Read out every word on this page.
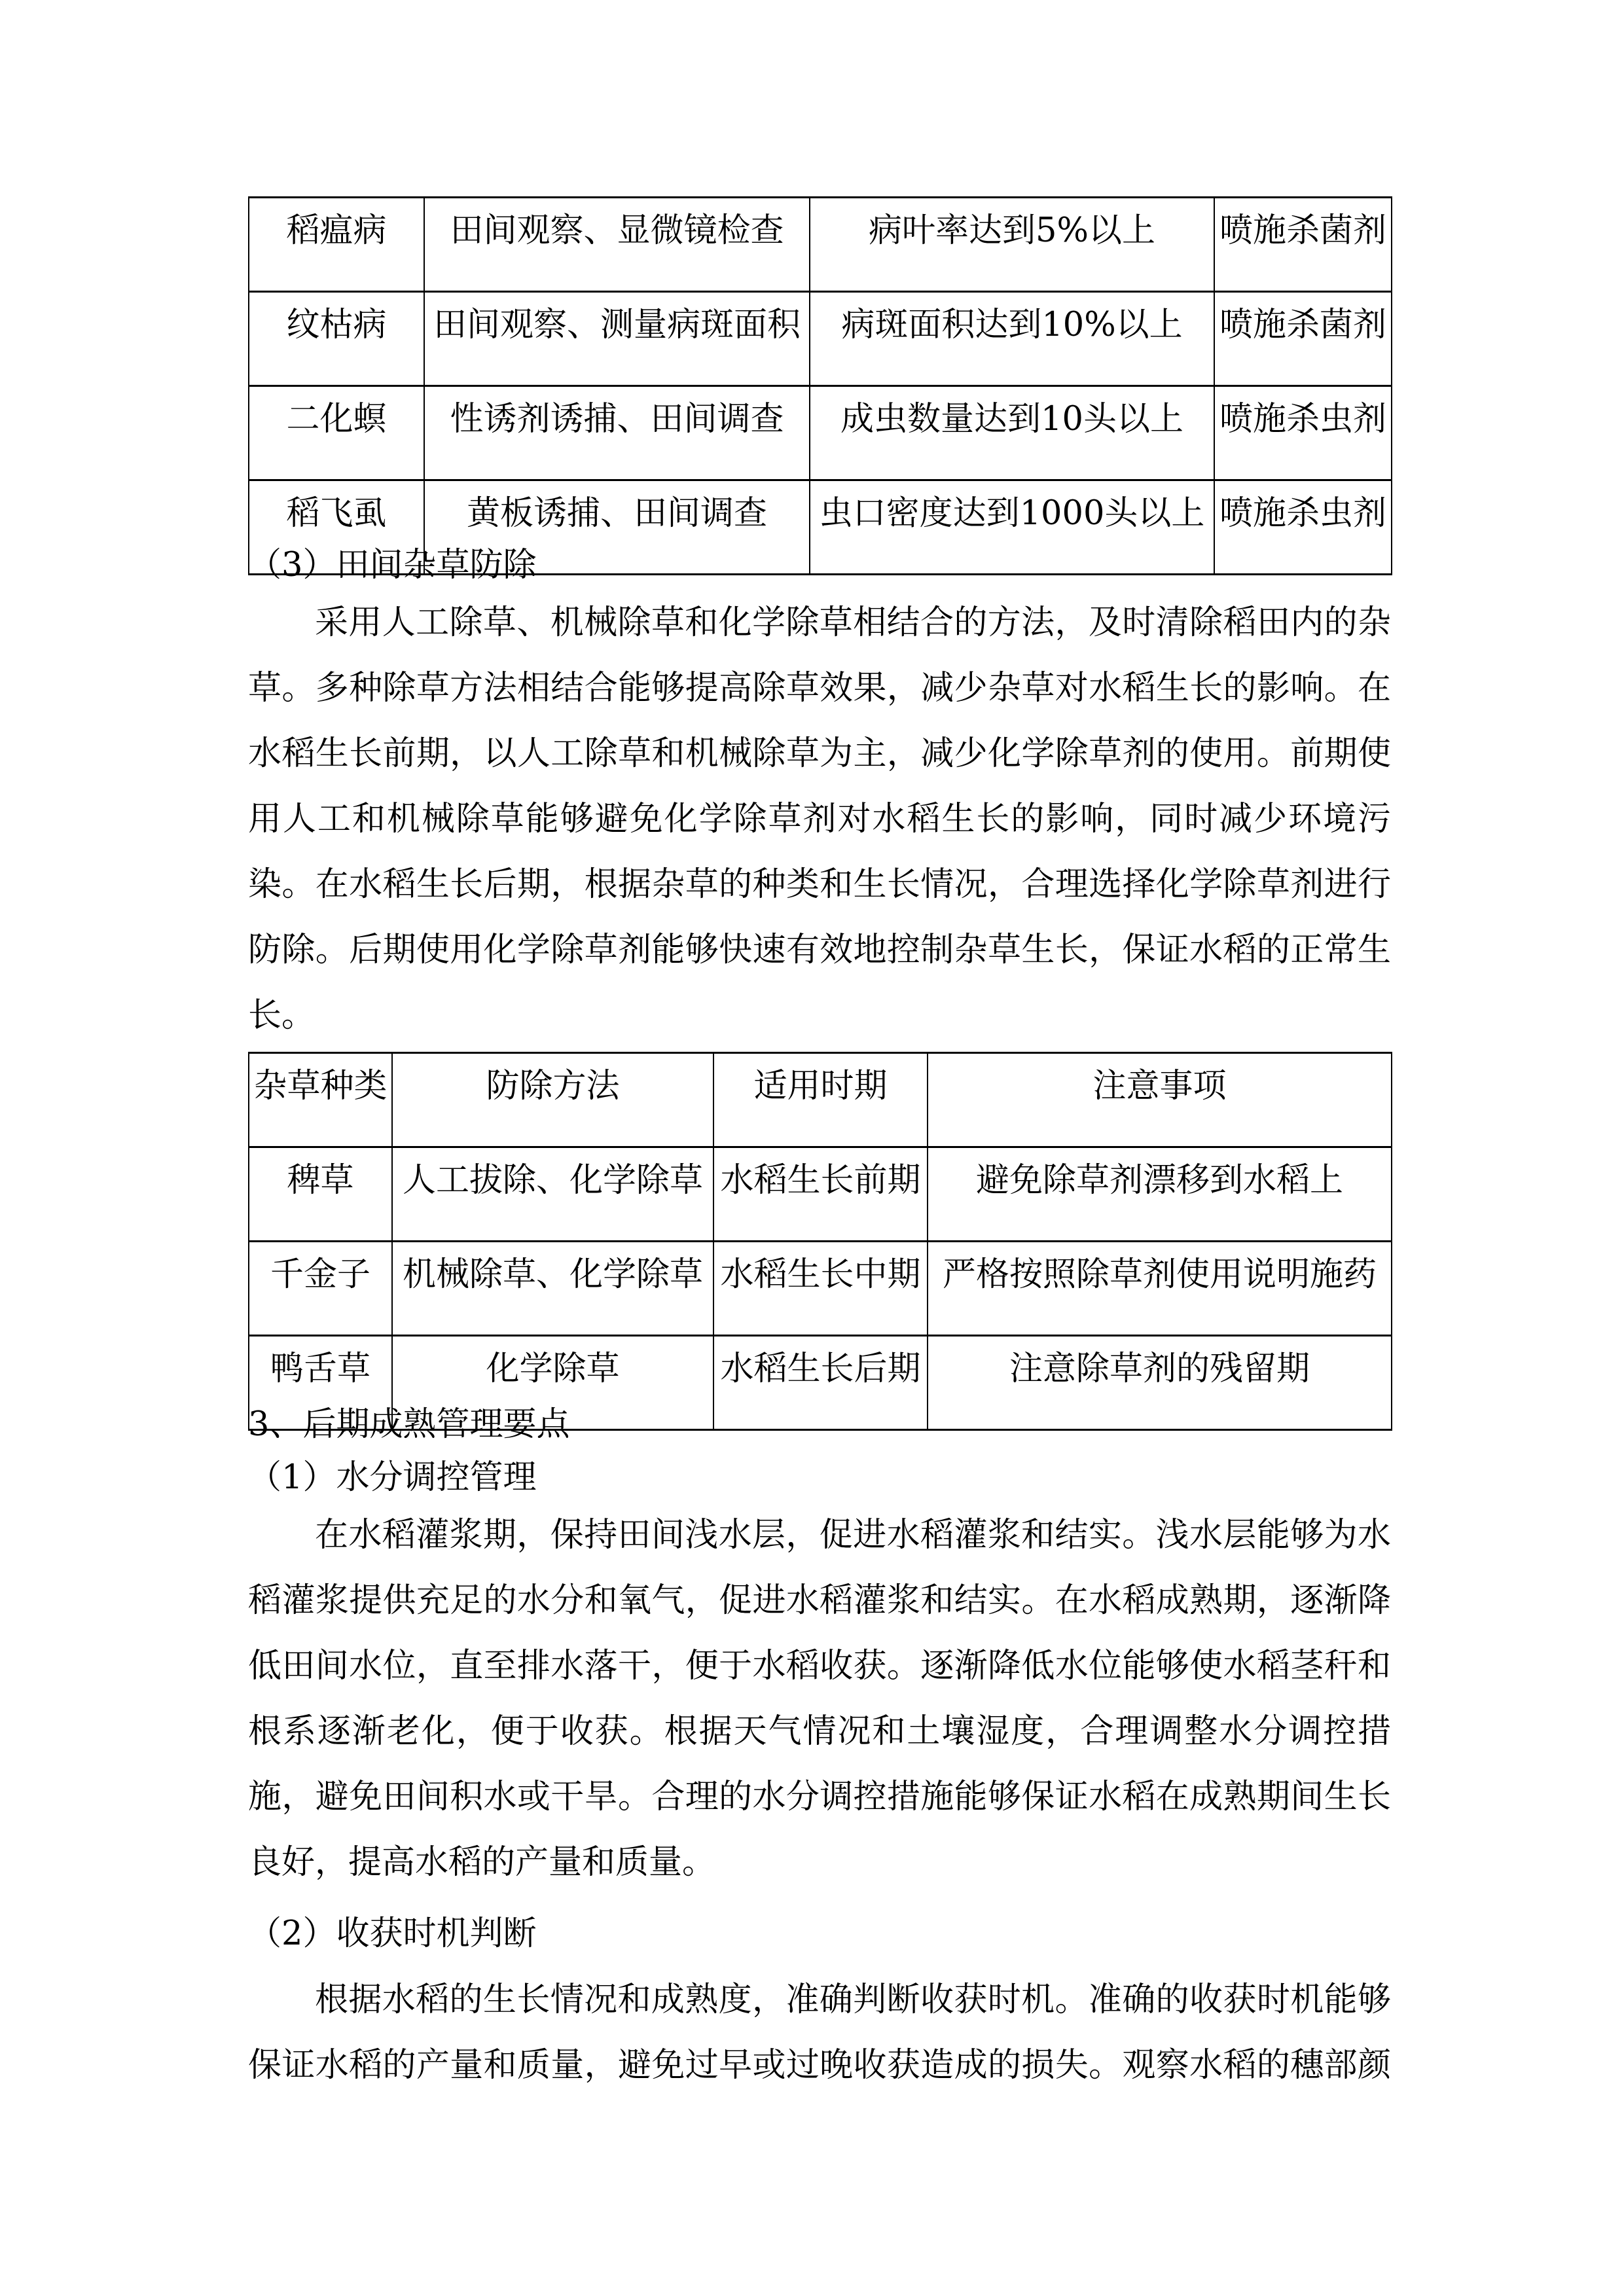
稻瘟病	田间观察、显微镜检查	病叶率达到5%以上	喷施杀菌剂
纹枯病	田间观察、测量病斑面积	病斑面积达到10%以上	喷施杀菌剂
二化螟	性诱剂诱捕、田间调查	成虫数量达到10头以上	喷施杀虫剂
稻飞虱	黄板诱捕、田间调查	虫口密度达到1000头以上	喷施杀虫剂
（3）田间杂草防除
采用人工除草、机械除草和化学除草相结合的方法，及时清除稻田内的杂
草。多种除草方法相结合能够提高除草效果，减少杂草对水稻生长的影响。在
水稻生长前期，以人工除草和机械除草为主，减少化学除草剂的使用。前期使
用人工和机械除草能够避免化学除草剂对水稻生长的影响，同时减少环境污
染。在水稻生长后期，根据杂草的种类和生长情况，合理选择化学除草剂进行
防除。后期使用化学除草剂能够快速有效地控制杂草生长，保证水稻的正常生
长。
杂草种类	防除方法	适用时期	注意事项
稗草	人工拔除、化学除草	水稻生长前期	避免除草剂漂移到水稻上
千金子	机械除草、化学除草	水稻生长中期	严格按照除草剂使用说明施药
鸭舌草	化学除草	水稻生长后期	注意除草剂的残留期
3、后期成熟管理要点
（1）水分调控管理
在水稻灌浆期，保持田间浅水层，促进水稻灌浆和结实。浅水层能够为水
稻灌浆提供充足的水分和氧气，促进水稻灌浆和结实。在水稻成熟期，逐渐降
低田间水位，直至排水落干，便于水稻收获。逐渐降低水位能够使水稻茎秆和
根系逐渐老化，便于收获。根据天气情况和土壤湿度，合理调整水分调控措
施，避免田间积水或干旱。合理的水分调控措施能够保证水稻在成熟期间生长
良好，提高水稻的产量和质量。
（2）收获时机判断
根据水稻的生长情况和成熟度，准确判断收获时机。准确的收获时机能够
保证水稻的产量和质量，避免过早或过晚收获造成的损失。观察水稻的穗部颜
